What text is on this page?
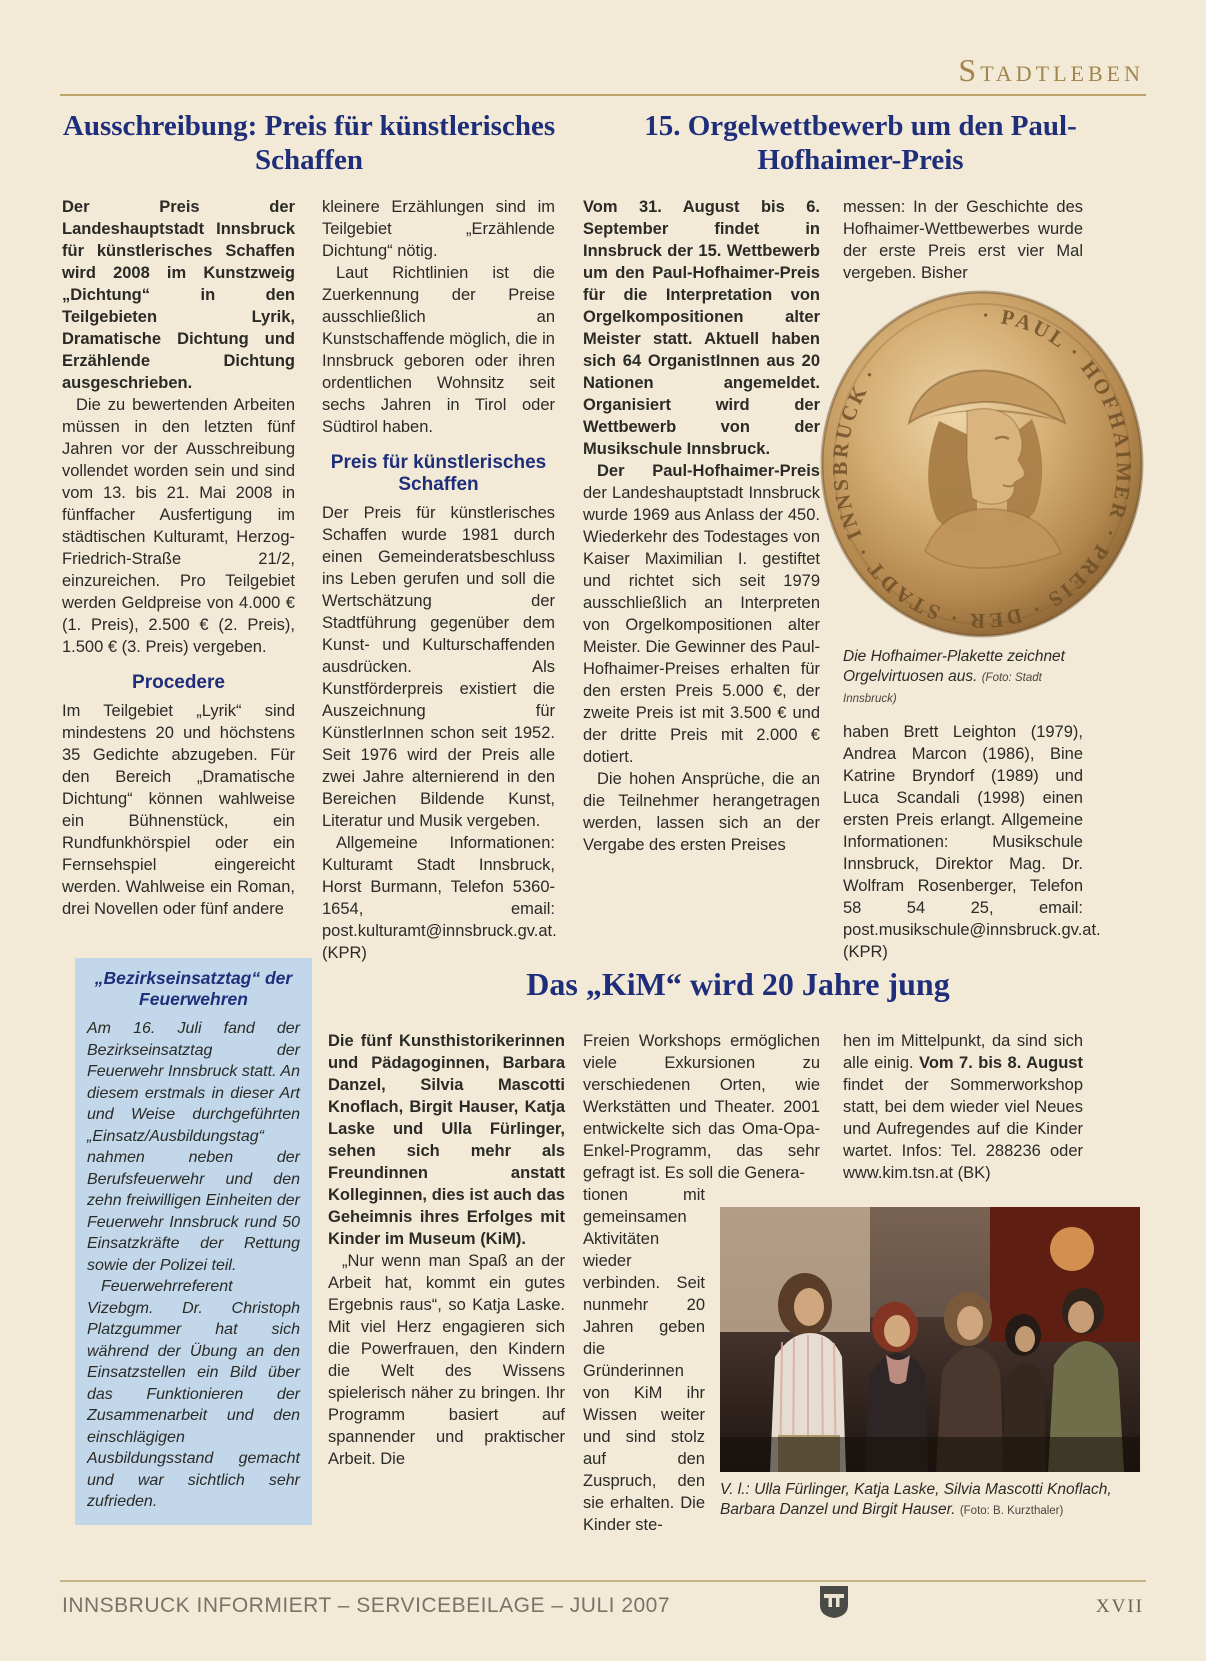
Stadtleben
Ausschreibung: Preis für künstlerisches Schaffen

Der Preis der Landeshauptstadt Innsbruck für künstlerisches Schaffen wird 2008 im Kunstzweig „Dichtung“ in den Teilgebieten Lyrik, Dramatische Dichtung und Erzählende Dichtung ausgeschrieben.

Die zu bewertenden Arbeiten müssen in den letzten fünf Jahren vor der Ausschreibung vollendet worden sein und sind vom 13. bis 21. Mai 2008 in fünffacher Ausfertigung im städtischen Kulturamt, Herzog-Friedrich-Straße 21/2, einzureichen. Pro Teilgebiet werden Geldpreise von 4.000 € (1. Preis), 2.500 € (2. Preis), 1.500 € (3. Preis) vergeben.

Procedere

Im Teilgebiet „Lyrik“ sind mindestens 20 und höchstens 35 Gedichte abzugeben. Für den Bereich „Dramatische Dichtung“ können wahlweise ein Bühnenstück, ein Rundfunkhörspiel oder ein Fernsehspiel eingereicht werden. Wahlweise ein Roman, drei Novellen oder fünf andere

kleinere Erzählungen sind im Teilgebiet „Erzählende Dichtung“ nötig.

Laut Richtlinien ist die Zuerkennung der Preise ausschließlich an Kunstschaffende möglich, die in Innsbruck geboren oder ihren ordentlichen Wohnsitz seit sechs Jahren in Tirol oder Südtirol haben.

Preis für künstlerisches Schaffen

Der Preis für künstlerisches Schaffen wurde 1981 durch einen Gemeinderatsbeschluss ins Leben gerufen und soll die Wertschätzung der Stadtführung gegenüber dem Kunst- und Kulturschaffenden ausdrücken. Als Kunstförderpreis existiert die Auszeichnung für KünstlerInnen schon seit 1952. Seit 1976 wird der Preis alle zwei Jahre alternierend in den Bereichen Bildende Kunst, Literatur und Musik vergeben.

Allgemeine Informationen: Kulturamt Stadt Innsbruck, Horst Burmann, Telefon 5360-1654, email: post.kulturamt@innsbruck.gv.at. (KPR)

15. Orgelwettbewerb um den Paul-Hofhaimer-Preis

Vom 31. August bis 6. September findet in Innsbruck der 15. Wettbewerb um den Paul-Hofhaimer-Preis für die Interpretation von Orgelkompositionen alter Meister statt. Aktuell haben sich 64 OrganistInnen aus 20 Nationen angemeldet. Organisiert wird der Wettbewerb von der Musikschule Innsbruck.

Der Paul-Hofhaimer-Preis der Landeshauptstadt Innsbruck wurde 1969 aus Anlass der 450. Wiederkehr des Todestages von Kaiser Maximilian I. gestiftet und richtet sich seit 1979 ausschließlich an Interpreten von Orgelkompositionen alter Meister. Die Gewinner des Paul-Hofhaimer-Preises erhalten für den ersten Preis 5.000 €, der zweite Preis ist mit 3.500 € und der dritte Preis mit 2.000 € dotiert.

Die hohen Ansprüche, die an die Teilnehmer herangetragen werden, lassen sich an der Vergabe des ersten Preises

messen: In der Geschichte des Hofhaimer-Wettbewerbes wurde der erste Preis erst vier Mal vergeben. Bisher

· PAUL · HOFHAIMER · PREIS · DER · STADT · INNSBRUCK ·
Die Hofhaimer-Plakette zeichnet Orgelvirtuosen aus. (Foto: Stadt Innsbruck)

haben Brett Leighton (1979), Andrea Marcon (1986), Bine Katrine Bryndorf (1989) und Luca Scandali (1998) einen ersten Preis erlangt. Allgemeine Informationen: Musikschule Innsbruck, Direktor Mag. Dr. Wolfram Rosenberger, Telefon 58 54 25, email: post.musikschule@innsbruck.gv.at. (KPR)

„Bezirkseinsatztag“ der Feuerwehren

Am 16. Juli fand der Bezirkseinsatztag der Feuerwehr Innsbruck statt. An diesem erstmals in dieser Art und Weise durchgeführten „Einsatz/Ausbildungstag“ nahmen neben der Berufsfeuerwehr und den zehn freiwilligen Einheiten der Feuerwehr Innsbruck rund 50 Einsatzkräfte der Rettung sowie der Polizei teil.

Feuerwehrreferent Vizebgm. Dr. Christoph Platzgummer hat sich während der Übung an den Einsatzstellen ein Bild über das Funktionieren der Zusammenarbeit und den einschlägigen Ausbildungsstand gemacht und war sichtlich sehr zufrieden.

Das „KiM“ wird 20 Jahre jung

Die fünf Kunsthistorikerinnen und Pädagoginnen, Barbara Danzel, Silvia Mascotti Knoflach, Birgit Hauser, Katja Laske und Ulla Fürlinger, sehen sich mehr als Freundinnen anstatt Kolleginnen, dies ist auch das Geheimnis ihres Erfolges mit Kinder im Museum (KiM).

„Nur wenn man Spaß an der Arbeit hat, kommt ein gutes Ergebnis raus“, so Katja Laske. Mit viel Herz engagieren sich die Powerfrauen, den Kindern die Welt des Wissens spielerisch näher zu bringen. Ihr Programm basiert auf spannender und praktischer Arbeit. Die

Freien Workshops ermöglichen viele Exkursionen zu verschiedenen Orten, wie Werkstätten und Theater. 2001 entwickelte sich das Oma-Opa-Enkel-Programm, das sehr gefragt ist. Es soll die Genera-

tionen mit gemeinsamen Aktivitäten wieder verbinden. Seit nunmehr 20 Jahren geben die Gründerinnen von KiM ihr Wissen weiter und sind stolz auf den Zuspruch, den sie erhalten. Die Kinder ste-

hen im Mittelpunkt, da sind sich alle einig. Vom 7. bis 8. August findet der Sommerworkshop statt, bei dem wieder viel Neues und Aufregendes auf die Kinder wartet. Infos: Tel. 288236 oder www.kim.tsn.at (BK)

V. l.: Ulla Fürlinger, Katja Laske, Silvia Mascotti Knoflach, Barbara Danzel und Birgit Hauser. (Foto: B. Kurzthaler)
INNSBRUCK INFORMIERT – SERVICEBEILAGE – JULI 2007	XVII
